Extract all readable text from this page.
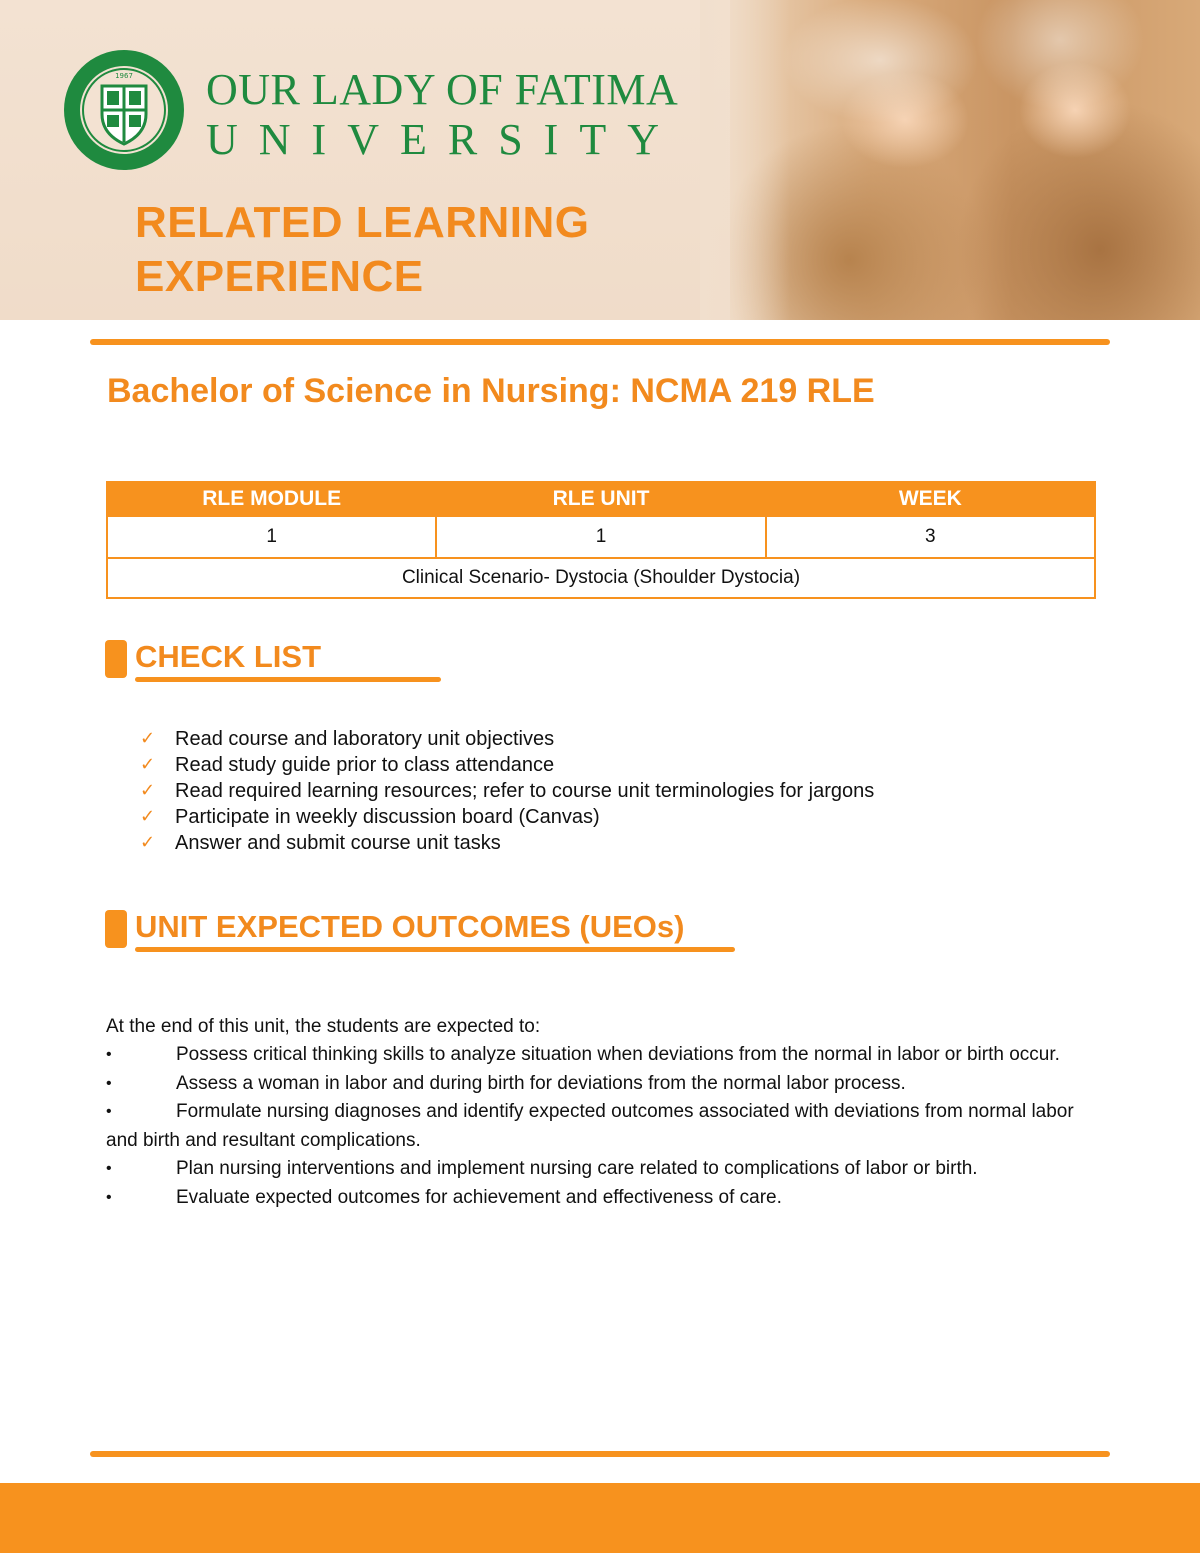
1967 OUR LADY OF FATIMA
UNIVERSITY
RELATED LEARNING EXPERIENCE
Bachelor of Science in Nursing: NCMA 219 RLE
RLE MODULE	RLE UNIT	WEEK
1	1	3
Clinical Scenario- Dystocia (Shoulder Dystocia)		
CHECK LIST
✓ Read course and laboratory unit objectives
✓ Read study guide prior to class attendance
✓ Read required learning resources; refer to course unit terminologies for jargons
✓ Participate in weekly discussion board (Canvas)
✓ Answer and submit course unit tasks
UNIT EXPECTED OUTCOMES (UEOs)
At the end of this unit, the students are expected to:
•	Possess critical thinking skills to analyze situation when deviations from the normal in labor or birth occur.
•	Assess a woman in labor and during birth for deviations from the normal labor process.
•	Formulate nursing diagnoses and identify expected outcomes associated with deviations from normal labor and birth and resultant complications.
•	Plan nursing interventions and implement nursing care related to complications of labor or birth.
•	Evaluate expected outcomes for achievement and effectiveness of care.
